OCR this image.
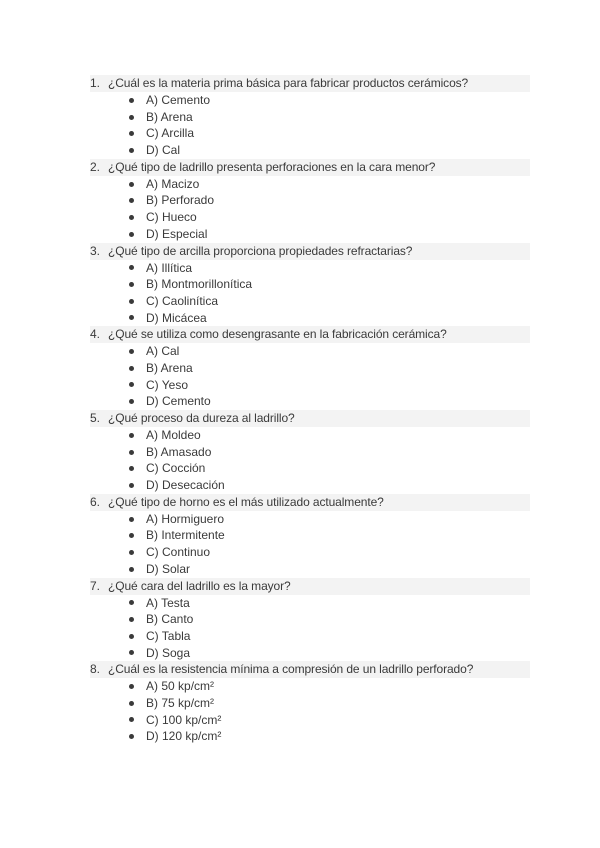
1. ¿Cuál es la materia prima básica para fabricar productos cerámicos?
A) Cemento
B) Arena
C) Arcilla
D) Cal
2. ¿Qué tipo de ladrillo presenta perforaciones en la cara menor?
A) Macizo
B) Perforado
C) Hueco
D) Especial
3. ¿Qué tipo de arcilla proporciona propiedades refractarias?
A) Illítica
B) Montmorillonítica
C) Caolinítica
D) Micácea
4. ¿Qué se utiliza como desengrasante en la fabricación cerámica?
A) Cal
B) Arena
C) Yeso
D) Cemento
5. ¿Qué proceso da dureza al ladrillo?
A) Moldeo
B) Amasado
C) Cocción
D) Desecación
6. ¿Qué tipo de horno es el más utilizado actualmente?
A) Hormiguero
B) Intermitente
C) Continuo
D) Solar
7. ¿Qué cara del ladrillo es la mayor?
A) Testa
B) Canto
C) Tabla
D) Soga
8. ¿Cuál es la resistencia mínima a compresión de un ladrillo perforado?
A) 50 kp/cm²
B) 75 kp/cm²
C) 100 kp/cm²
D) 120 kp/cm²
